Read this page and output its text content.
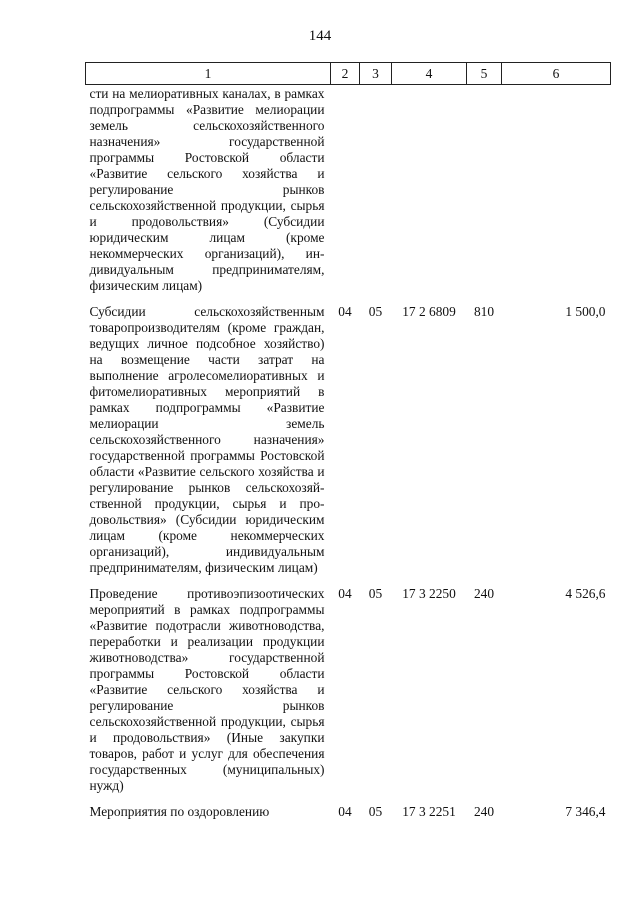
144
1	2	3	4	5	6
сти на мелиоративных каналах, в рамках подпрограммы «Развитие мелиорации земель сельскохозяйственного назначения» государственной программы Ростовской области «Развитие сельского хозяйства и регулирование рынков сельскохозяйственной продукции, сырья и продовольствия» (Субсидии юридическим лицам (кроме некоммерческих организаций), индивидуальным предпринимателям, физическим лицам)					
Субсидии сельскохозяйственным товаропроизводителям (кроме граждан, ведущих личное подсобное хозяйство) на возмещение части затрат на выполнение агролесомелиоративных и фитомелиоративных мероприятий в рамках подпрограммы «Развитие мелиорации земель сельскохозяйственного назначения» государственной программы Ростовской области «Развитие сельского хозяйства и регулирование рынков сельскохозяйственной продукции, сырья и продовольствия» (Субсидии юридическим лицам (кроме некоммерческих организаций), индивидуальным предпринимателям, физическим лицам)	04	05	17 2 6809	810	1 500,0
Проведение противоэпизоотических мероприятий в рамках подпрограммы «Развитие подотрасли животноводства, переработки и реализации продукции животноводства» государственной программы Ростовской области «Развитие сельского хозяйства и регулирование рынков сельскохозяйственной продукции, сырья и продовольствия» (Иные закупки товаров, работ и услуг для обеспечения государственных (муниципальных) нужд)	04	05	17 3 2250	240	4 526,6
Мероприятия по оздоровлению	04	05	17 3 2251	240	7 346,4
